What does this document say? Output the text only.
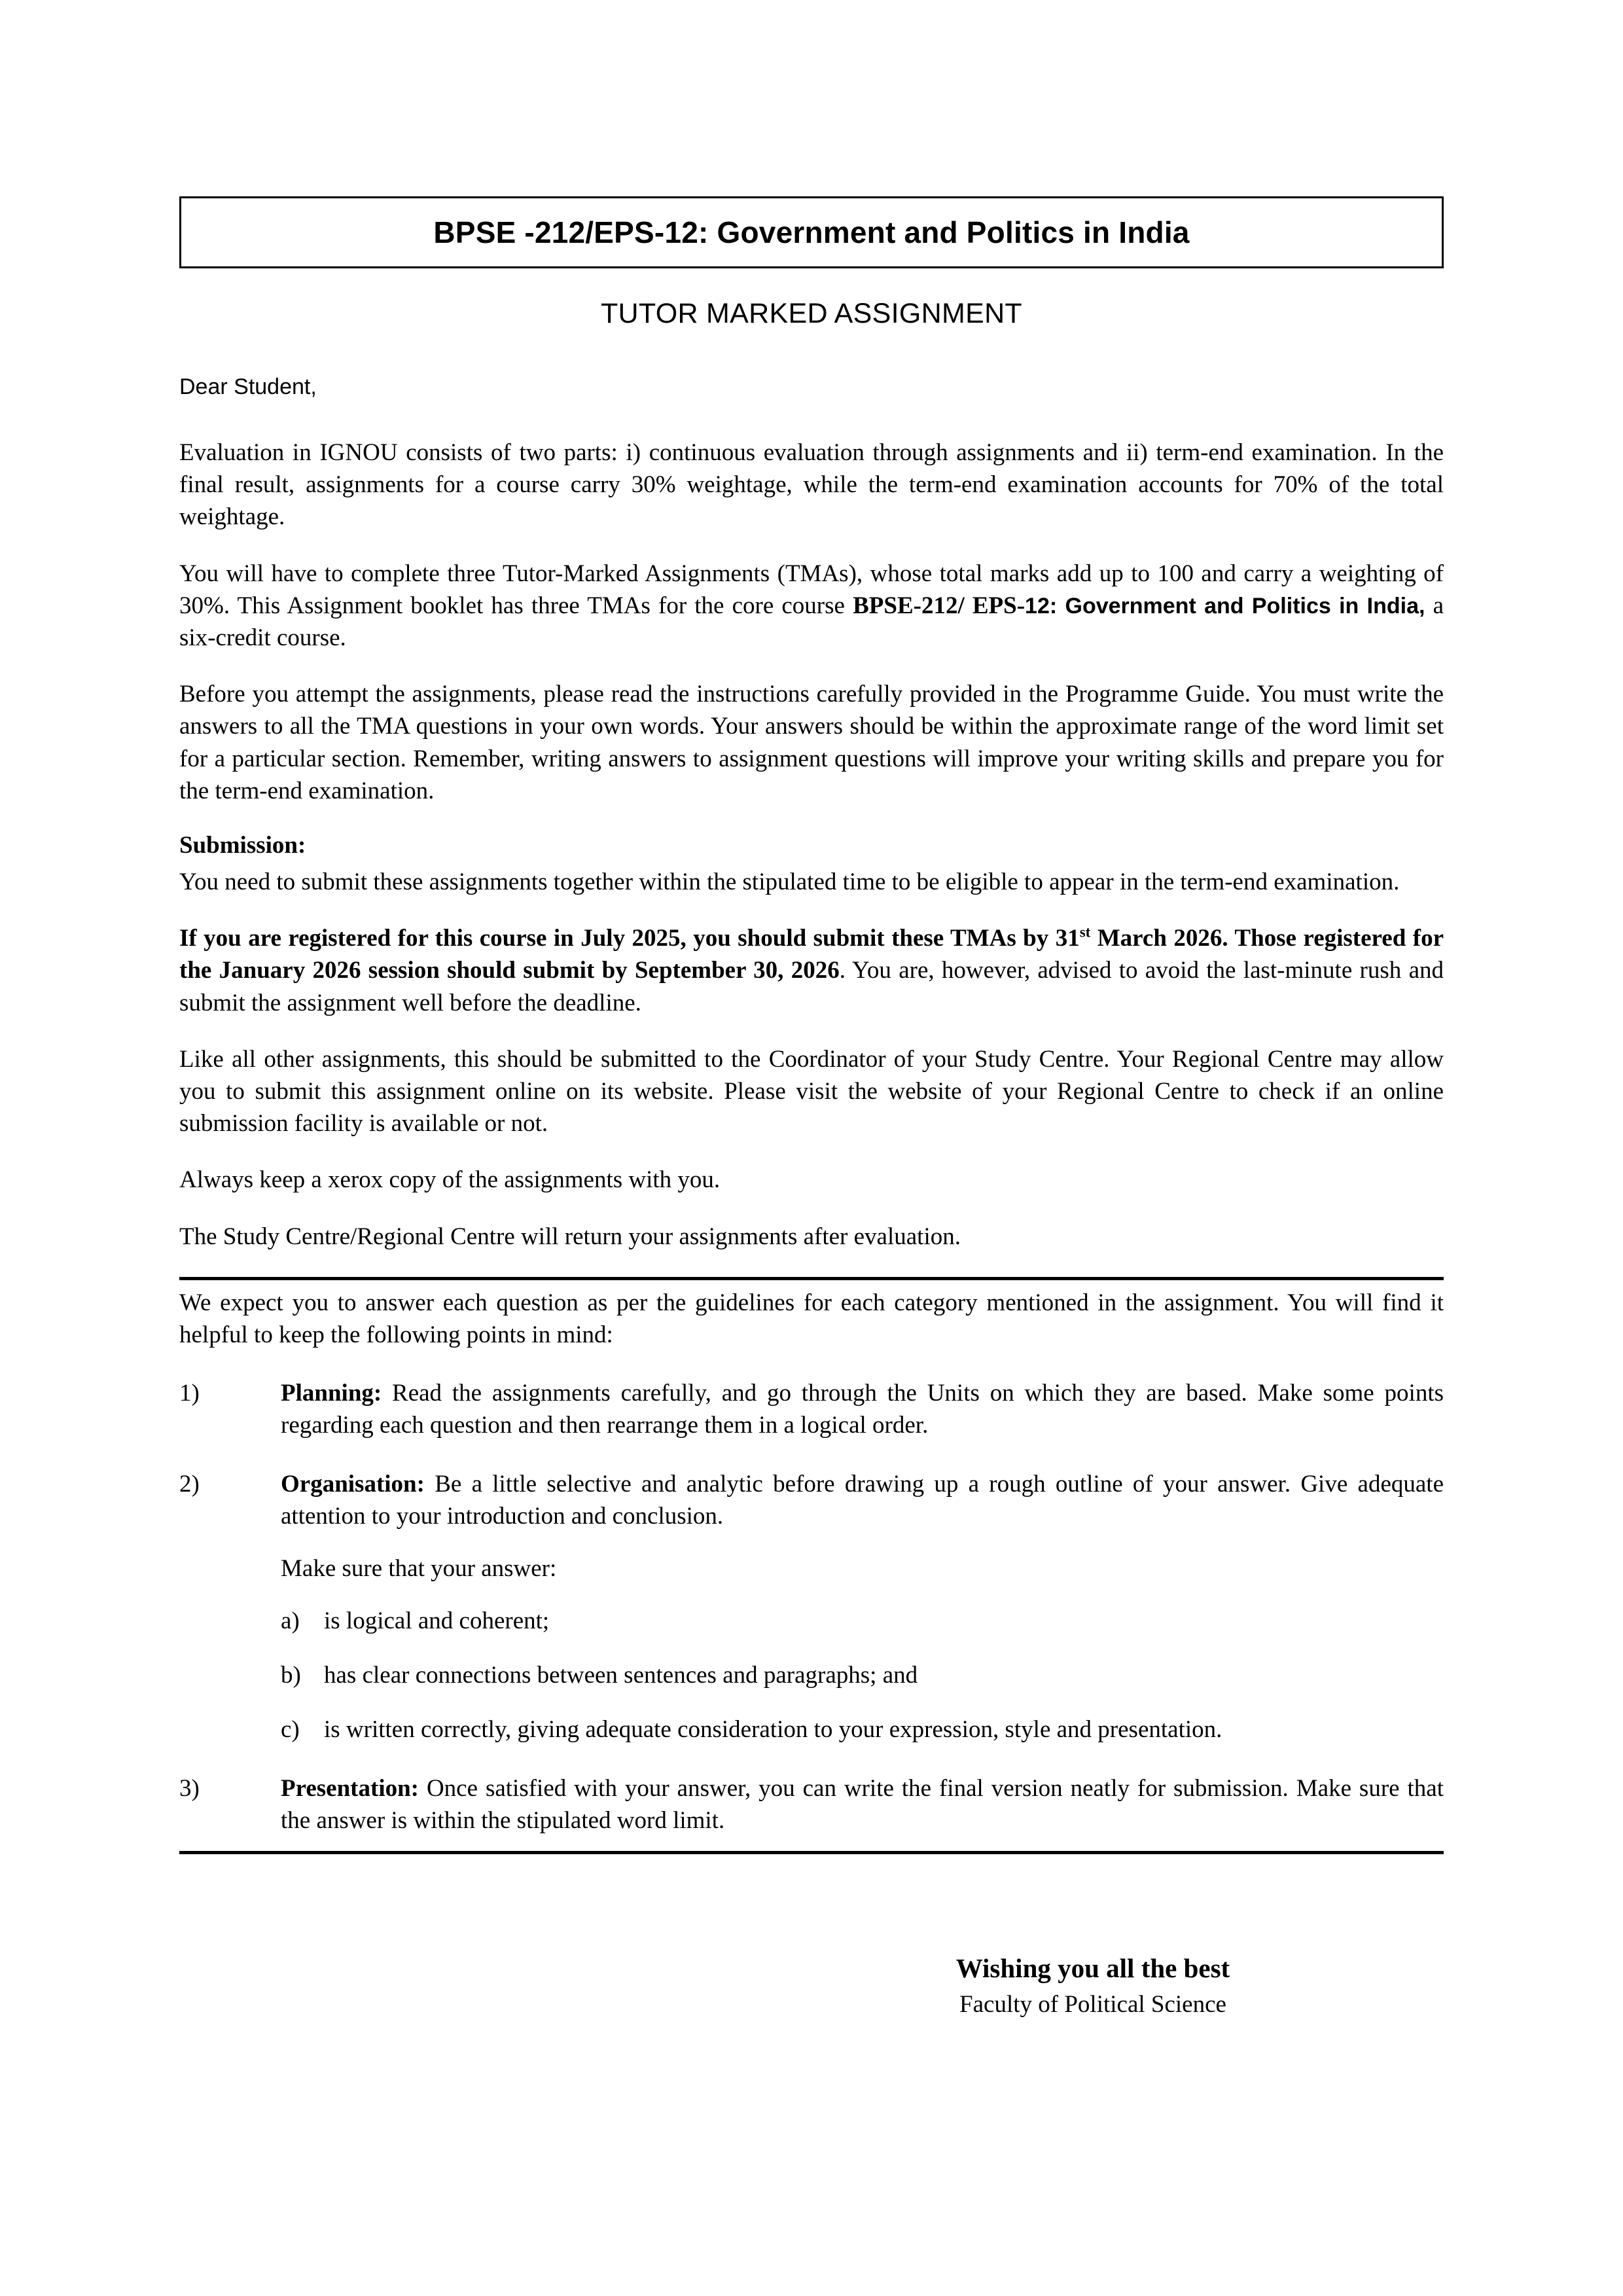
BPSE -212/EPS-12: Government and Politics in India
TUTOR MARKED ASSIGNMENT
Dear Student,

Evaluation in IGNOU consists of two parts: i) continuous evaluation through assignments and ii) term-end examination. In the final result, assignments for a course carry 30% weightage, while the term-end examination accounts for 70% of the total weightage.

You will have to complete three Tutor-Marked Assignments (TMAs), whose total marks add up to 100 and carry a weighting of 30%. This Assignment booklet has three TMAs for the core course BPSE-212/ EPS-12: Government and Politics in India, a six-credit course.

Before you attempt the assignments, please read the instructions carefully provided in the Programme Guide. You must write the answers to all the TMA questions in your own words. Your answers should be within the approximate range of the word limit set for a particular section. Remember, writing answers to assignment questions will improve your writing skills and prepare you for the term-end examination.

Submission:

You need to submit these assignments together within the stipulated time to be eligible to appear in the term-end examination.

If you are registered for this course in July 2025, you should submit these TMAs by 31st March 2026. Those registered for the January 2026 session should submit by September 30, 2026. You are, however, advised to avoid the last-minute rush and submit the assignment well before the deadline.

Like all other assignments, this should be submitted to the Coordinator of your Study Centre. Your Regional Centre may allow you to submit this assignment online on its website. Please visit the website of your Regional Centre to check if an online submission facility is available or not.

Always keep a xerox copy of the assignments with you.

The Study Centre/Regional Centre will return your assignments after evaluation.

We expect you to answer each question as per the guidelines for each category mentioned in the assignment. You will find it helpful to keep the following points in mind:

1)	Planning: Read the assignments carefully, and go through the Units on which they are based. Make some points regarding each question and then rearrange them in a logical order.
2)	Organisation: Be a little selective and analytic before drawing up a rough outline of your answer. Give adequate attention to your introduction and conclusion.
Make sure that your answer:
a)	is logical and coherent;
b) has clear connections between sentences and paragraphs; and
c)	is written correctly, giving adequate consideration to your expression, style and presentation.
3)	Presentation: Once satisfied with your answer, you can write the final version neatly for submission. Make sure that the answer is within the stipulated word limit.
Wishing you all the best
Faculty of Political Science
